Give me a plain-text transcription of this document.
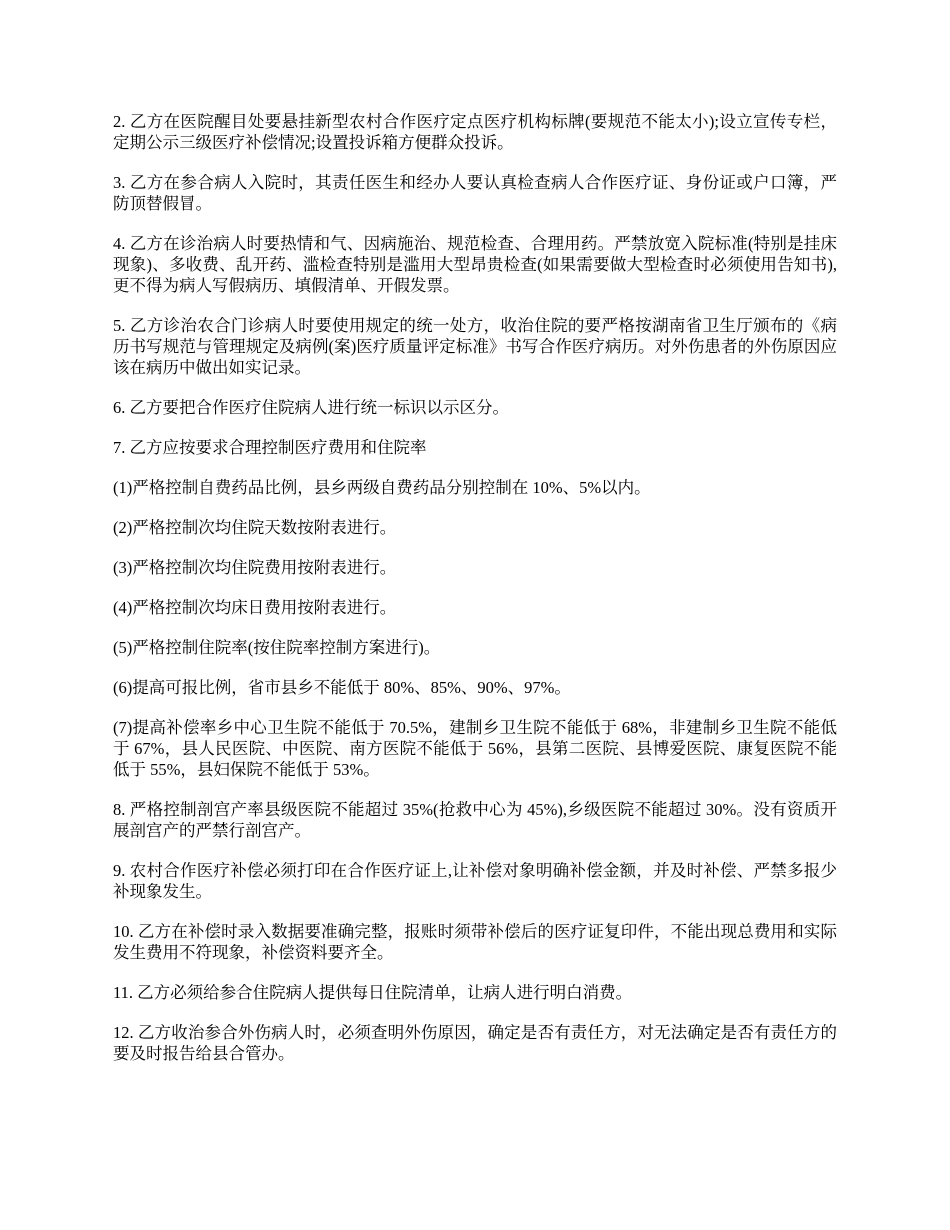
2. 乙方在医院醒目处要悬挂新型农村合作医疗定点医疗机构标牌(要规范不能太小);设立宣传专栏，定期公示三级医疗补偿情况;设置投诉箱方便群众投诉。

3. 乙方在参合病人入院时，其责任医生和经办人要认真检查病人合作医疗证、身份证或户口簿，严防顶替假冒。

4. 乙方在诊治病人时要热情和气、因病施治、规范检查、合理用药。严禁放宽入院标准(特别是挂床现象)、多收费、乱开药、滥检查特别是滥用大型昂贵检查(如果需要做大型检查时必须使用告知书),更不得为病人写假病历、填假清单、开假发票。

5. 乙方诊治农合门诊病人时要使用规定的统一处方，收治住院的要严格按湖南省卫生厅颁布的《病历书写规范与管理规定及病例(案)医疗质量评定标准》书写合作医疗病历。对外伤患者的外伤原因应该在病历中做出如实记录。

6. 乙方要把合作医疗住院病人进行统一标识以示区分。

7. 乙方应按要求合理控制医疗费用和住院率

(1)严格控制自费药品比例，县乡两级自费药品分别控制在 10%、5%以内。

(2)严格控制次均住院天数按附表进行。

(3)严格控制次均住院费用按附表进行。

(4)严格控制次均床日费用按附表进行。

(5)严格控制住院率(按住院率控制方案进行)。

(6)提高可报比例，省市县乡不能低于 80%、85%、90%、97%。

(7)提高补偿率乡中心卫生院不能低于 70.5%，建制乡卫生院不能低于 68%，非建制乡卫生院不能低于 67%，县人民医院、中医院、南方医院不能低于 56%，县第二医院、县博爱医院、康复医院不能低于 55%，县妇保院不能低于 53%。

8. 严格控制剖宫产率县级医院不能超过 35%(抢救中心为 45%),乡级医院不能超过 30%。没有资质开展剖宫产的严禁行剖宫产。

9. 农村合作医疗补偿必须打印在合作医疗证上,让补偿对象明确补偿金额，并及时补偿、严禁多报少补现象发生。

10. 乙方在补偿时录入数据要准确完整，报账时须带补偿后的医疗证复印件，不能出现总费用和实际发生费用不符现象，补偿资料要齐全。

11. 乙方必须给参合住院病人提供每日住院清单，让病人进行明白消费。

12. 乙方收治参合外伤病人时，必须查明外伤原因，确定是否有责任方，对无法确定是否有责任方的要及时报告给县合管办。
